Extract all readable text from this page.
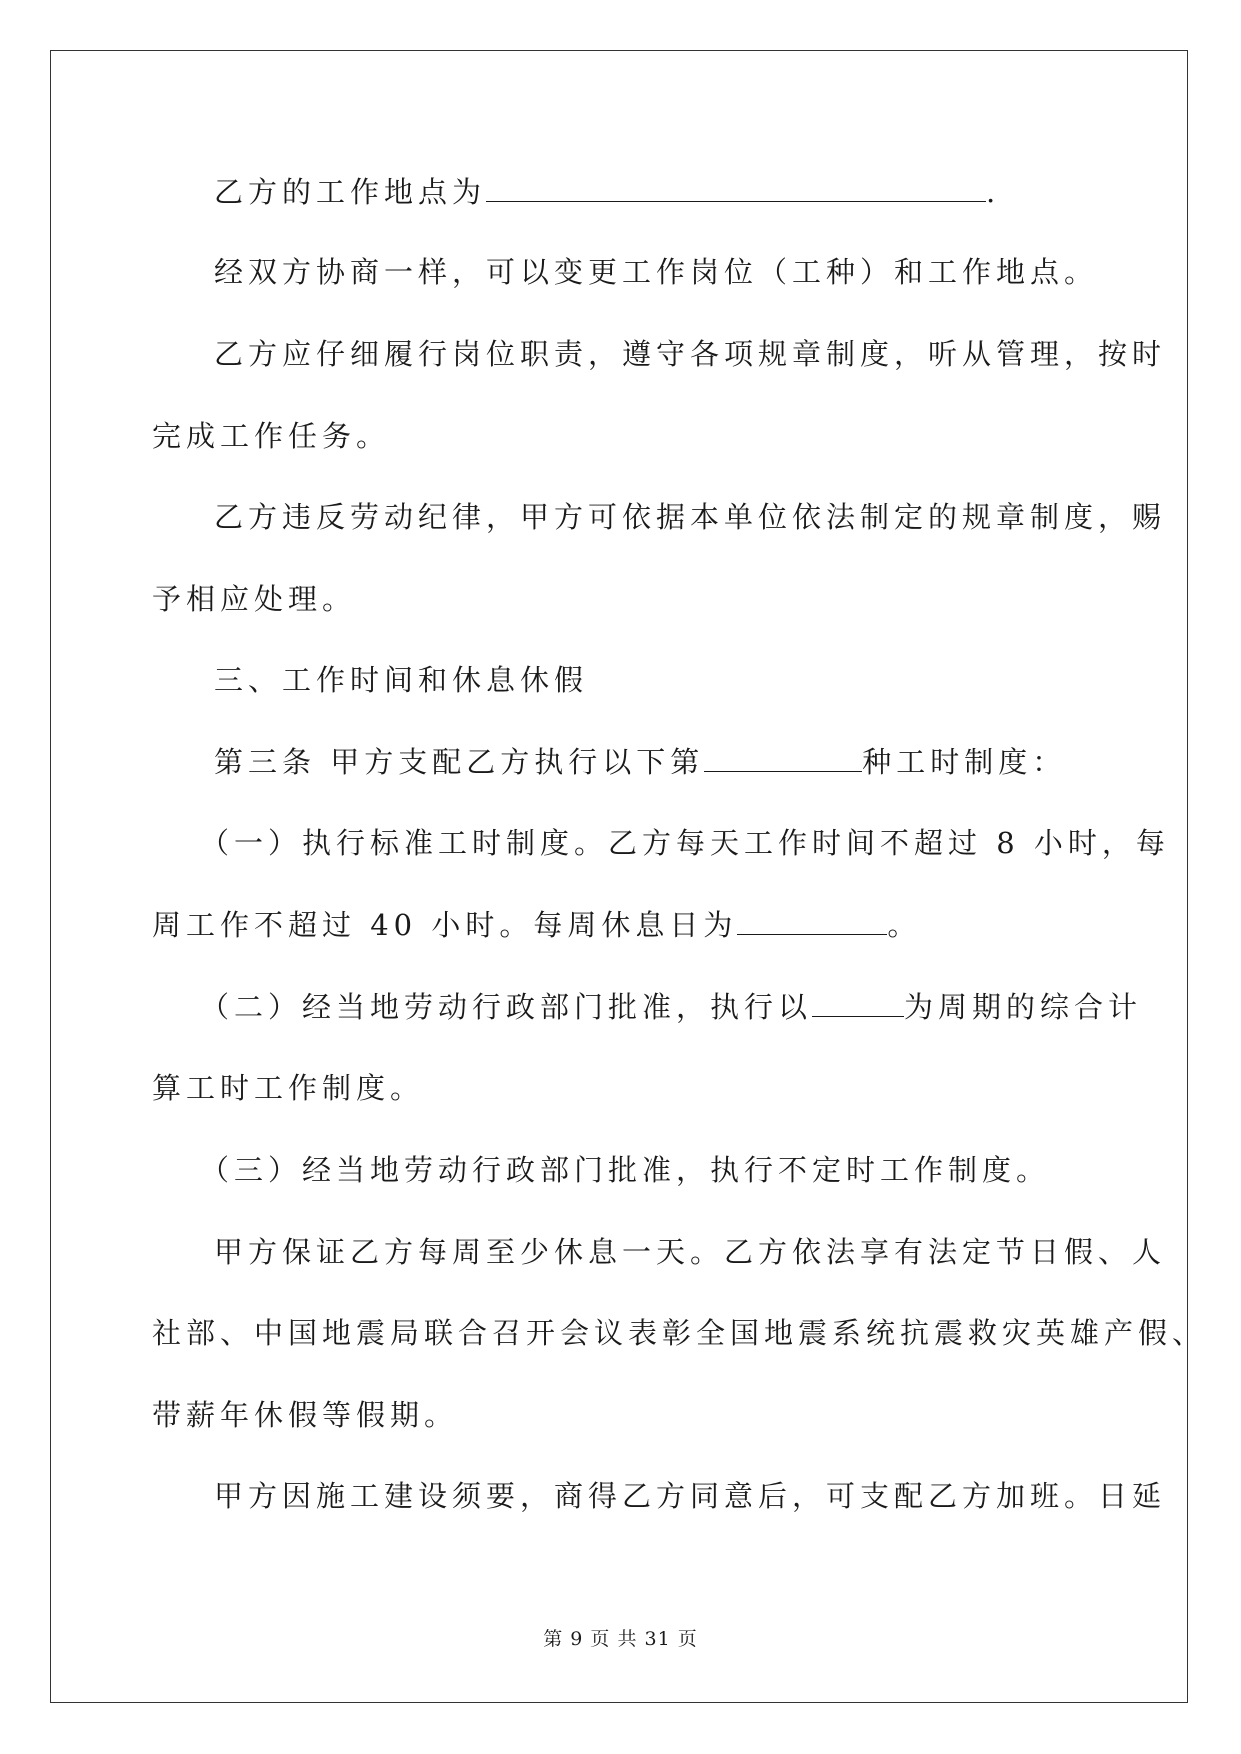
乙方的工作地点为	.
经双方协商一样，可以变更工作岗位（工种）和工作地点。
乙方应仔细履行岗位职责，遵守各项规章制度，听从管理，按时
完成工作任务。
乙方违反劳动纪律，甲方可依据本单位依法制定的规章制度，赐
予相应处理。
三、工作时间和休息休假
第三条 甲方支配乙方执行以下第	种工时制度：
（一）执行标准工时制度。乙方每天工作时间不超过 8 小时，每
周工作不超过 40 小时。每周休息日为	。
（二）经当地劳动行政部门批准，执行以	为周期的综合计
算工时工作制度。
（三）经当地劳动行政部门批准，执行不定时工作制度。
甲方保证乙方每周至少休息一天。乙方依法享有法定节日假、人
社部、中国地震局联合召开会议表彰全国地震系统抗震救灾英雄产假、
带薪年休假等假期。
甲方因施工建设须要，商得乙方同意后，可支配乙方加班。日延
第 9 页 共 31 页
